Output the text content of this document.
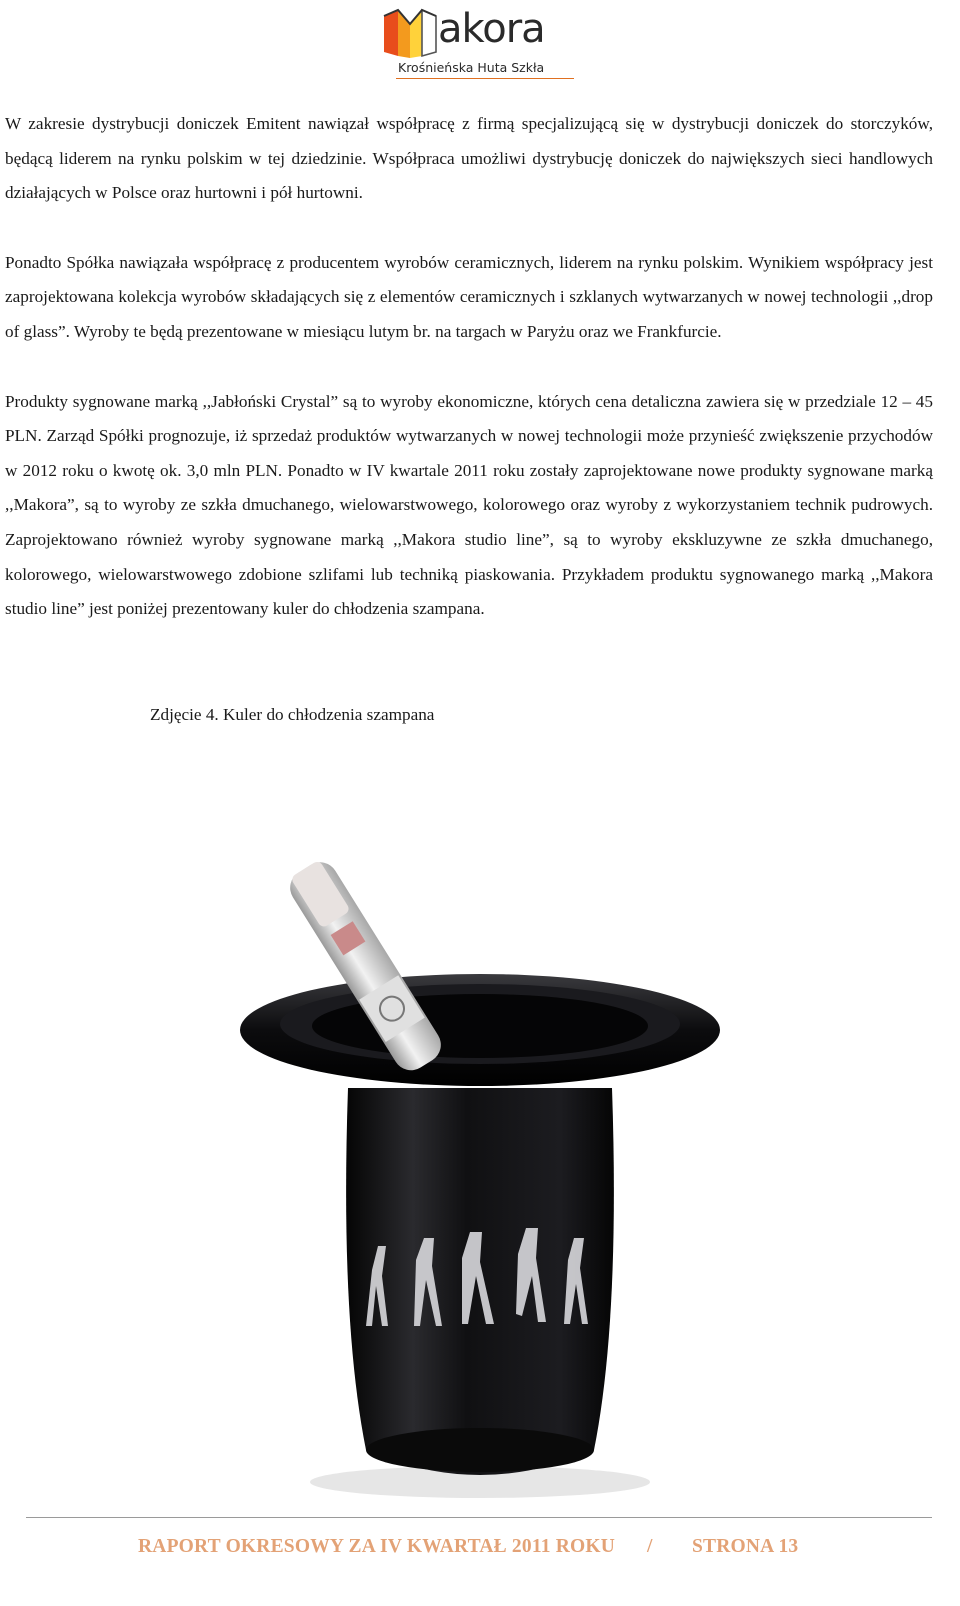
akora
Krośnieńska Huta Szkła

W zakresie dystrybucji doniczek Emitent nawiązał współpracę z firmą specjalizującą się w dystrybucji doniczek do storczyków, będącą liderem na rynku polskim w tej dziedzinie. Współpraca umożliwi dystrybucję doniczek do największych sieci handlowych działających w Polsce oraz hurtowni i pół hurtowni.

Ponadto Spółka nawiązała współpracę z producentem wyrobów ceramicznych, liderem na rynku polskim. Wynikiem współpracy jest zaprojektowana kolekcja wyrobów składających się z elementów ceramicznych i szklanych wytwarzanych w nowej technologii ,,drop of glass”. Wyroby te będą prezentowane w miesiącu lutym br. na targach w Paryżu oraz we Frankfurcie.

Produkty sygnowane marką ,,Jabłoński Crystal” są to wyroby ekonomiczne, których cena detaliczna zawiera się w przedziale 12 – 45 PLN. Zarząd Spółki prognozuje, iż sprzedaż produktów wytwarzanych w nowej technologii może przynieść zwiększenie przychodów w 2012 roku o kwotę ok. 3,0 mln PLN. Ponadto w IV kwartale 2011 roku zostały zaprojektowane nowe produkty sygnowane marką ,,Makora”, są to wyroby ze szkła dmuchanego, wielowarstwowego, kolorowego oraz wyroby z wykorzystaniem technik pudrowych. Zaprojektowano również wyroby sygnowane marką ,,Makora studio line”, są to wyroby ekskluzywne ze szkła dmuchanego, kolorowego, wielowarstwowego zdobione szlifami lub techniką piaskowania. Przykładem produktu sygnowanego marką ,,Makora studio line” jest poniżej prezentowany kuler do chłodzenia szampana.

Zdjęcie 4. Kuler do chłodzenia szampana
RAPORT OKRESOWY ZA IV KWARTAŁ 2011 ROKU / STRONA 13
